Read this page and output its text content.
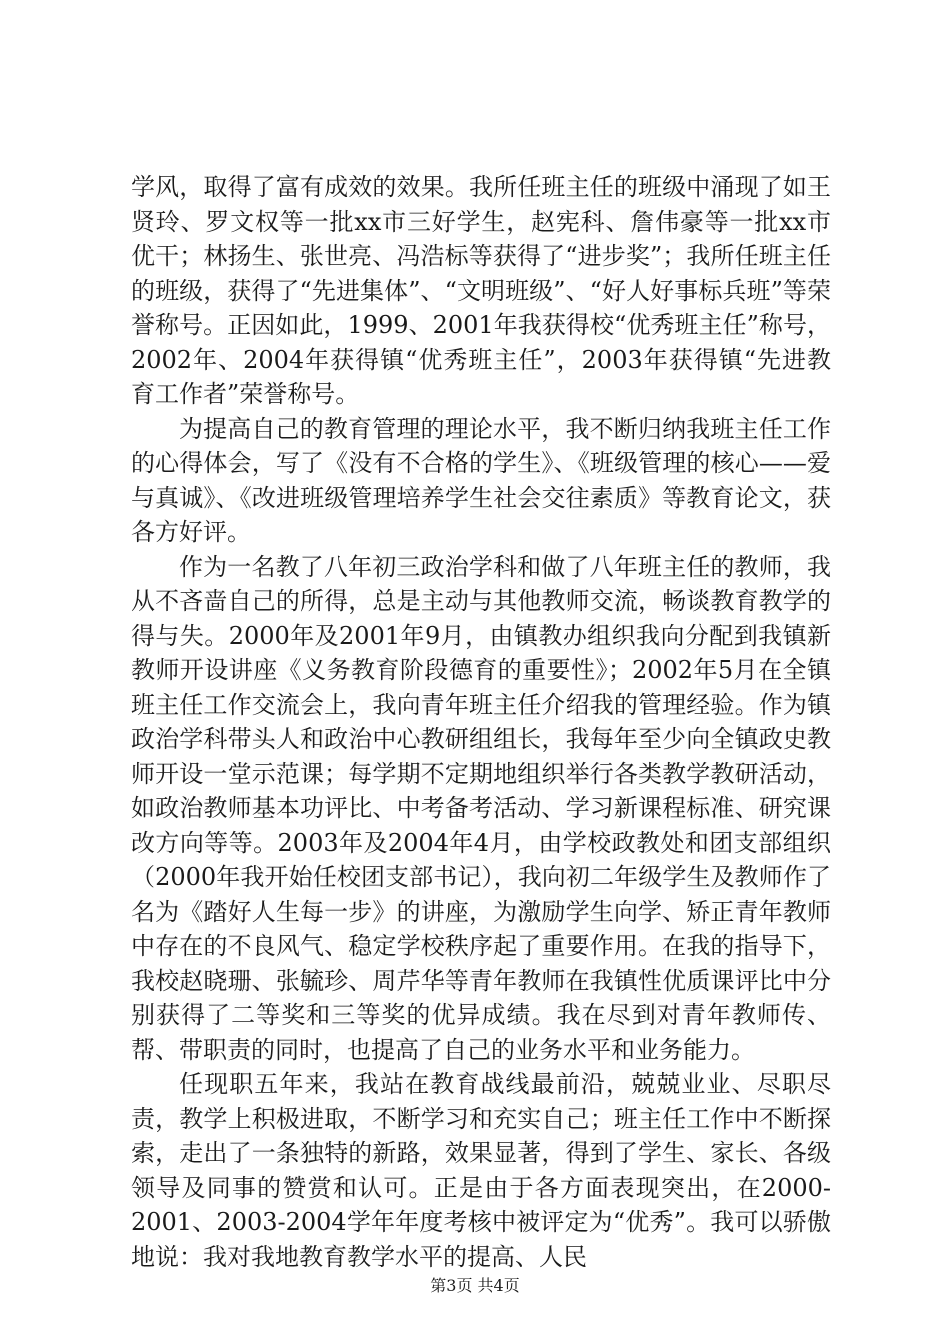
学风，取得了富有成效的效果。我所任班主任的班级中涌现了如王贤玲、罗文权等一批xx市三好学生，赵宪科、詹伟豪等一批xx市优干；林扬生、张世亮、冯浩标等获得了“进步奖”；我所任班主任的班级，获得了“先进集体”、“文明班级”、“好人好事标兵班”等荣誉称号。正因如此，1999、2001年我获得校“优秀班主任”称号，2002年、2004年获得镇“优秀班主任”，2003年获得镇“先进教育工作者”荣誉称号。

为提高自己的教育管理的理论水平，我不断归纳我班主任工作的心得体会，写了《没有不合格的学生》、《班级管理的核心——爱与真诚》、《改进班级管理培养学生社会交往素质》等教育论文，获各方好评。

作为一名教了八年初三政治学科和做了八年班主任的教师，我从不吝啬自己的所得，总是主动与其他教师交流，畅谈教育教学的得与失。2000年及2001年9月，由镇教办组织我向分配到我镇新教师开设讲座《义务教育阶段德育的重要性》；2002年5月在全镇班主任工作交流会上，我向青年班主任介绍我的管理经验。作为镇政治学科带头人和政治中心教研组组长，我每年至少向全镇政史教师开设一堂示范课；每学期不定期地组织举行各类教学教研活动，如政治教师基本功评比、中考备考活动、学习新课程标准、研究课改方向等等。2003年及2004年4月，由学校政教处和团支部组织（2000年我开始任校团支部书记），我向初二年级学生及教师作了名为《踏好人生每一步》的讲座，为激励学生向学、矫正青年教师中存在的不良风气、稳定学校秩序起了重要作用。在我的指导下，我校赵晓珊、张毓珍、周芹华等青年教师在我镇性优质课评比中分别获得了二等奖和三等奖的优异成绩。我在尽到对青年教师传、帮、带职责的同时，也提高了自己的业务水平和业务能力。

任现职五年来，我站在教育战线最前沿，兢兢业业、尽职尽责，教学上积极进取，不断学习和充实自己；班主任工作中不断探索，走出了一条独特的新路，效果显著，得到了学生、家长、各级领导及同事的赞赏和认可。正是由于各方面表现突出，在2000-2001、2003-2004学年年度考核中被评定为“优秀”。我可以骄傲地说：我对我地教育教学水平的提高、人民

第3页 共4页
